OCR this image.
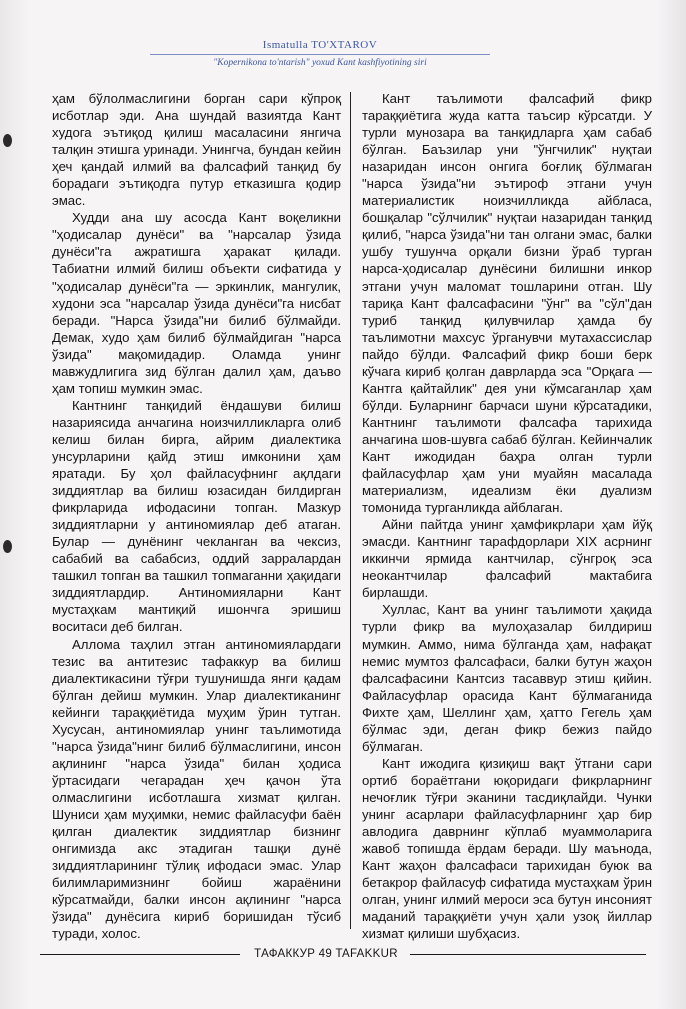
Ismatulla TO'XTAROV
"Kopernikona to'ntarish" yoxud Kant kashfiyotining siri

ҳам бўлолмаслигини борган сари кўпроқ исботлар эди. Ана шундай вазиятда Кант худога эътиқод қилиш масаласини янгича талқин этишга уринади. Унингча, бундан кейин ҳеч қандай илмий ва фалсафий танқид бу борадаги эътиқодга путур етказишга қодир эмас.

Худди ана шу асосда Кант воқеликни "ҳодисалар дунёси" ва "нарсалар ўзида дунёси"га ажратишга ҳаракат қилади. Табиатни илмий билиш объекти сифатида у "ҳодисалар дунёси"га — эркинлик, мангулик, худони эса "нарсалар ўзида дунёси"га нисбат беради. "Нарса ўзида"ни билиб бўлмайди. Демак, худо ҳам билиб бўлмайдиган "нарса ўзида" мақомидадир. Оламда унинг мавжудлигига зид бўлган далил ҳам, даъво ҳам топиш мумкин эмас.

Кантнинг танқидий ёндашуви билиш назариясида анчагина ноизчилликларга олиб келиш билан бирга, айрим диалектика унсурларини қайд этиш имконини ҳам яратади. Бу ҳол файласуфнинг ақлдаги зиддиятлар ва билиш юзасидан билдирган фикрларида ифодасини топган. Мазкур зиддиятларни у антиномиялар деб атаган. Булар — дунёнинг чекланган ва чексиз, сабабий ва сабабсиз, оддий зарралардан ташкил топган ва ташкил топмаганни ҳақидаги зиддиятлардир. Антиномияларни Кант мустаҳкам мантиқий ишончга эришиш воситаси деб билган.

Аллома таҳлил этган антиномиялардаги тезис ва антитезис тафаккур ва билиш диалектикасини тўғри тушунишда янги қадам бўлган дейиш мумкин. Улар диалектиканинг кейинги тараққиётида муҳим ўрин тутган. Хусусан, антиномиялар унинг таълимотида "нарса ўзида"нинг билиб бўлмаслигини, инсон ақлининг "нарса ўзида" билан ҳодиса ўртасидаги чегарадан ҳеч қачон ўта олмаслигини исботлашга хизмат қилган. Шуниси ҳам муҳимки, немис файласуфи баён қилган диалектик зиддиятлар бизнинг онгимизда акс этадиган ташқи дунё зиддиятларининг тўлиқ ифодаси эмас. Улар билимларимизнинг бойиш жараёнини кўрсатмайди, балки инсон ақлининг "нарса ўзида" дунёсига кириб боришидан тўсиб туради, холос.

Кант таълимоти фалсафий фикр тараққиётига жуда катта таъсир кўрсатди. У турли мунозара ва танқидларга ҳам сабаб бўлган. Баъзилар уни "ўнгчилик" нуқтаи назаридан инсон онгига боғлиқ бўлмаган "нарса ўзида"ни эътироф этгани учун материалистик ноизчилликда айбласа, бошқалар "сўлчилик" нуқтаи назаридан танқид қилиб, "нарса ўзида"ни тан олгани эмас, балки ушбу тушунча орқали бизни ўраб турган нарса-ҳодисалар дунёсини билишни инкор этгани учун маломат тошларини отган. Шу тариқа Кант фалсафасини "ўнг" ва "сўл"дан туриб танқид қилувчилар ҳамда бу таълимотни махсус ўрганувчи мутахассислар пайдо бўлди. Фалсафий фикр боши берк кўчага кириб қолган даврларда эса "Орқага — Кантга қайтайлик" дея уни кўмсаганлар ҳам бўлди. Буларнинг барчаси шуни кўрсатадики, Кантнинг таълимоти фалсафа тарихида анчагина шов-шувга сабаб бўлган. Кейинчалик Кант ижодидан баҳра олган турли файласуфлар ҳам уни муайян масалада материализм, идеализм ёки дуализм томонида турганликда айблаган.

Айни пайтда унинг ҳамфикрлари ҳам йўқ эмасди. Кантнинг тарафдорлари XIX асрнинг иккинчи ярмида кантчилар, сўнгроқ эса неокантчилар фалсафий мактабига бирлашди.

Хуллас, Кант ва унинг таълимоти ҳақида турли фикр ва мулоҳазалар билдириш мумкин. Аммо, нима бўлганда ҳам, нафақат немис мумтоз фалсафаси, балки бутун жаҳон фалсафасини Кантсиз тасаввур этиш қийин. Файласуфлар орасида Кант бўлмаганида Фихте ҳам, Шеллинг ҳам, ҳатто Гегель ҳам бўлмас эди, деган фикр бежиз пайдо бўлмаган.

Кант ижодига қизиқиш вақт ўтгани сари ортиб бораётгани юқоридаги фикрларнинг нечоғлик тўғри эканини тасдиқлайди. Чунки унинг асарлари файласуфларнинг ҳар бир авлодига даврнинг кўплаб муаммоларига жавоб топишда ёрдам беради. Шу маънода, Кант жаҳон фалсафаси тарихидан буюк ва бетакрор файласуф сифатида мустаҳкам ўрин олган, унинг илмий мероси эса бутун инсоният маданий тараққиёти учун ҳали узоқ йиллар хизмат қилиши шубҳасиз.

ТАФАККУР 49 TAFAKKUR
